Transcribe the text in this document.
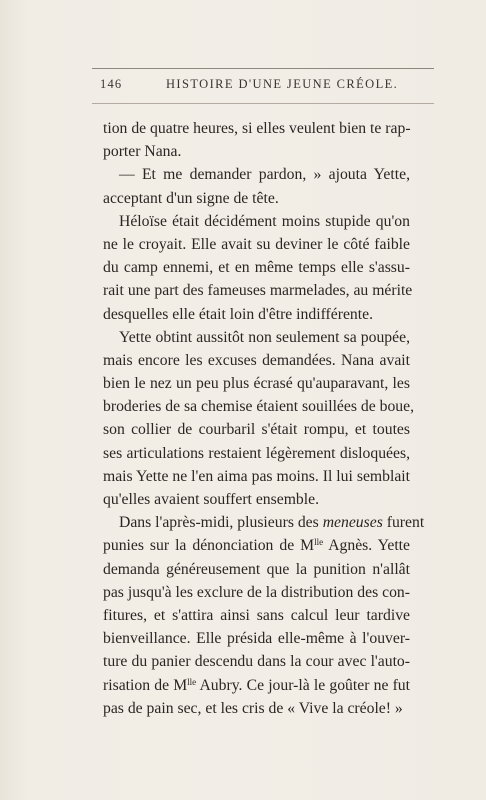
146	HISTOIRE D'UNE JEUNE CRÉOLE.
tion de quatre heures, si elles veulent bien te rap-
porter Nana.
— Et me demander pardon, » ajouta Yette,
acceptant d'un signe de tête.
Héloïse était décidément moins stupide qu'on
ne le croyait. Elle avait su deviner le côté faible
du camp ennemi, et en même temps elle s'assu-
rait une part des fameuses marmelades, au mérite
desquelles elle était loin d'être indifférente.
Yette obtint aussitôt non seulement sa poupée,
mais encore les excuses demandées. Nana avait
bien le nez un peu plus écrasé qu'auparavant, les
broderies de sa chemise étaient souillées de boue,
son collier de courbaril s'était rompu, et toutes
ses articulations restaient légèrement disloquées,
mais Yette ne l'en aima pas moins. Il lui semblait
qu'elles avaient souffert ensemble.
Dans l'après-midi, plusieurs des meneuses furent
punies sur la dénonciation de $M^{lle}$ Agnès. Yette
demanda généreusement que la punition n'allât
pas jusqu'à les exclure de la distribution des con-
fitures, et s'attira ainsi sans calcul leur tardive
bienveillance. Elle présida elle-même à l'ouver-
ture du panier descendu dans la cour avec l'auto-
risation de $M^{lle}$ Aubry. Ce jour-là le goûter ne fut
pas de pain sec, et les cris de « Vive la créole! »
